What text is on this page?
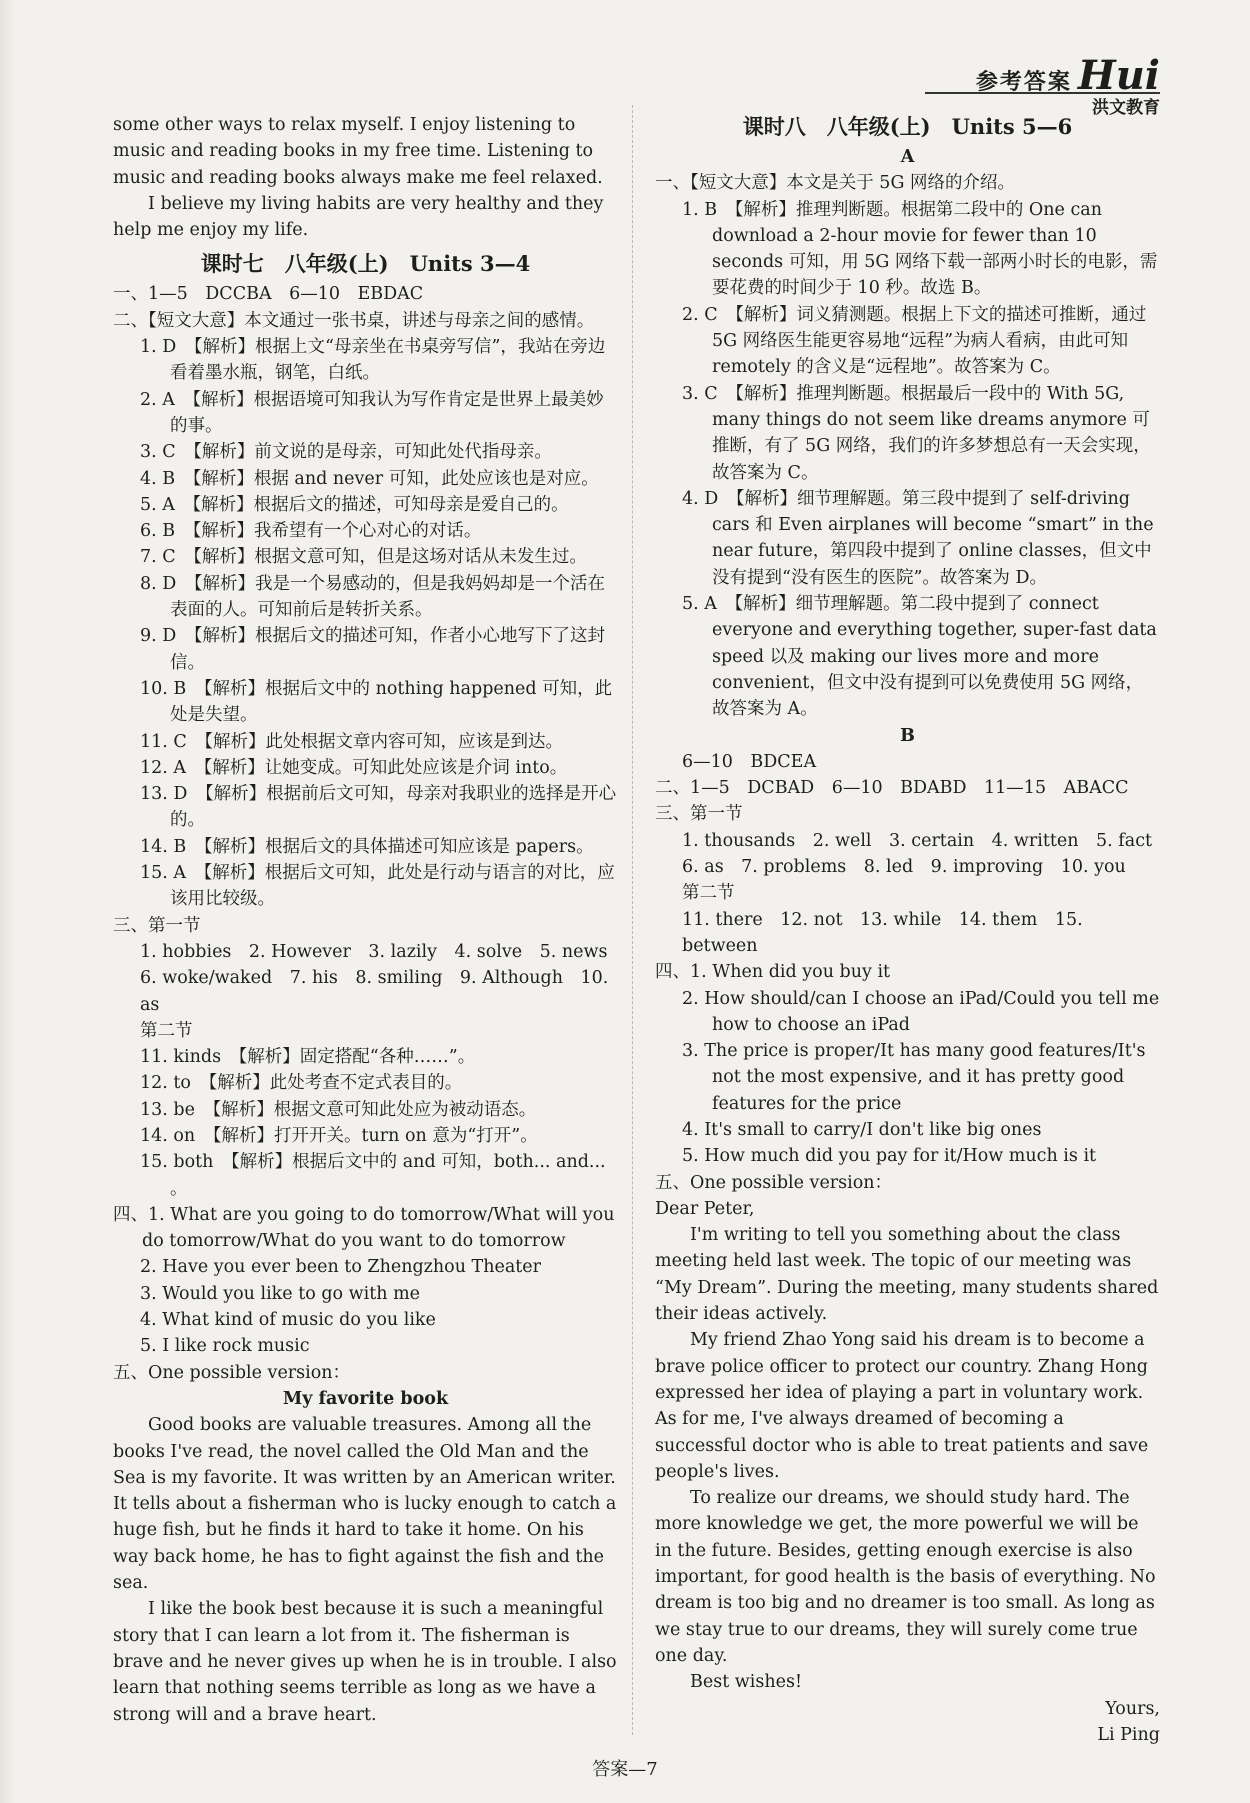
参考答案 Hui
洪文教育

some other ways to relax myself. I enjoy listening to music and reading books in my free time. Listening to music and reading books always make me feel relaxed.

I believe my living habits are very healthy and they help me enjoy my life.

课时七　八年级(上)　Units 3—4

一、1—5　DCCBA　6—10　EBDAC

二、【短文大意】本文通过一张书桌，讲述与母亲之间的感情。

1. D　【解析】根据上文“母亲坐在书桌旁写信”，我站在旁边看着墨水瓶，钢笔，白纸。

2. A　【解析】根据语境可知我认为写作肯定是世界上最美妙的事。

3. C　【解析】前文说的是母亲，可知此处代指母亲。

4. B　【解析】根据 and never 可知，此处应该也是对应。

5. A　【解析】根据后文的描述，可知母亲是爱自己的。

6. B　【解析】我希望有一个心对心的对话。

7. C　【解析】根据文意可知，但是这场对话从未发生过。

8. D　【解析】我是一个易感动的，但是我妈妈却是一个活在表面的人。可知前后是转折关系。

9. D　【解析】根据后文的描述可知，作者小心地写下了这封信。

10. B　【解析】根据后文中的 nothing happened 可知，此处是失望。

11. C　【解析】此处根据文章内容可知，应该是到达。

12. A　【解析】让她变成。可知此处应该是介词 into。

13. D　【解析】根据前后文可知，母亲对我职业的选择是开心的。

14. B　【解析】根据后文的具体描述可知应该是 papers。

15. A　【解析】根据后文可知，此处是行动与语言的对比，应该用比较级。

三、第一节

1. hobbies　2. However　3. lazily　4. solve　5. news

6. woke/waked　7. his　8. smiling　9. Although　10. as

第二节

11. kinds　【解析】固定搭配“各种……”。

12. to　【解析】此处考查不定式表目的。

13. be　【解析】根据文意可知此处应为被动语态。

14. on　【解析】打开开关。turn on 意为“打开”。

15. both　【解析】根据后文中的 and 可知，both... and... 。

四、1. What are you going to do tomorrow/What will you do tomorrow/What do you want to do tomorrow

2. Have you ever been to Zhengzhou Theater

3. Would you like to go with me

4. What kind of music do you like

5. I like rock music

五、One possible version：

My favorite book

Good books are valuable treasures. Among all the books I've read, the novel called the Old Man and the Sea is my favorite. It was written by an American writer. It tells about a fisherman who is lucky enough to catch a huge fish, but he finds it hard to take it home. On his way back home, he has to fight against the fish and the sea.

I like the book best because it is such a meaningful story that I can learn a lot from it. The fisherman is brave and he never gives up when he is in trouble. I also learn that nothing seems terrible as long as we have a strong will and a brave heart.

课时八　八年级(上)　Units 5—6

A

一、【短文大意】本文是关于 5G 网络的介绍。

1. B　【解析】推理判断题。根据第二段中的 One can download a 2-hour movie for fewer than 10 seconds 可知，用 5G 网络下载一部两小时长的电影，需要花费的时间少于 10 秒。故选 B。

2. C　【解析】词义猜测题。根据上下文的描述可推断，通过 5G 网络医生能更容易地“远程”为病人看病，由此可知 remotely 的含义是“远程地”。故答案为 C。

3. C　【解析】推理判断题。根据最后一段中的 With 5G, many things do not seem like dreams anymore 可推断，有了 5G 网络，我们的许多梦想总有一天会实现，故答案为 C。

4. D　【解析】细节理解题。第三段中提到了 self-driving cars 和 Even airplanes will become “smart” in the near future，第四段中提到了 online classes，但文中没有提到“没有医生的医院”。故答案为 D。

5. A　【解析】细节理解题。第二段中提到了 connect everyone and everything together, super-fast data speed 以及 making our lives more and more convenient，但文中没有提到可以免费使用 5G 网络，故答案为 A。

B

6—10　BDCEA

二、1—5　DCBAD　6—10　BDABD　11—15　ABACC

三、第一节

1. thousands　2. well　3. certain　4. written　5. fact

6. as　7. problems　8. led　9. improving　10. you

第二节

11. there　12. not　13. while　14. them　15. between

四、1. When did you buy it

2. How should/can I choose an iPad/Could you tell me how to choose an iPad

3. The price is proper/It has many good features/It's not the most expensive, and it has pretty good features for the price

4. It's small to carry/I don't like big ones

5. How much did you pay for it/How much is it

五、One possible version：

Dear Peter,

I'm writing to tell you something about the class meeting held last week. The topic of our meeting was “My Dream”. During the meeting, many students shared their ideas actively.

My friend Zhao Yong said his dream is to become a brave police officer to protect our country. Zhang Hong expressed her idea of playing a part in voluntary work. As for me, I've always dreamed of becoming a successful doctor who is able to treat patients and save people's lives.

To realize our dreams, we should study hard. The more knowledge we get, the more powerful we will be in the future. Besides, getting enough exercise is also important, for good health is the basis of everything. No dream is too big and no dreamer is too small. As long as we stay true to our dreams, they will surely come true one day.

Best wishes!

Yours,

Li Ping

答案—7
